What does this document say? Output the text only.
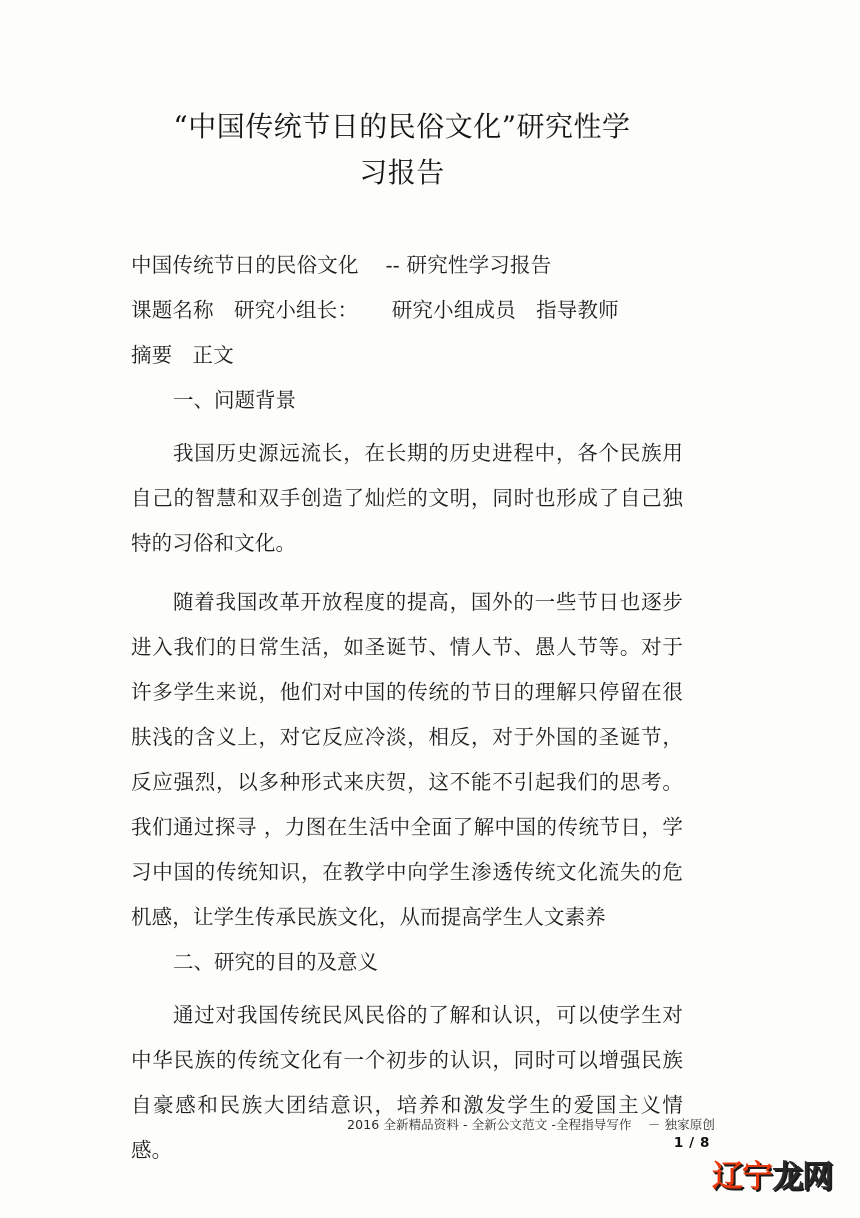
“中国传统节日的民俗文化”研究性学
习报告
中国传统节日的民俗文化    -- 研究性学习报告
课题名称   研究小组长：     研究小组成员   指导教师
摘要   正文
一、问题背景
我国历史源远流长，在长期的历史进程中，各个民族用自己的智慧和双手创造了灿烂的文明，同时也形成了自己独特的习俗和文化。
随着我国改革开放程度的提高，国外的一些节日也逐步进入我们的日常生活，如圣诞节、情人节、愚人节等。对于许多学生来说，他们对中国的传统的节日的理解只停留在很肤浅的含义上，对它反应冷淡，相反，对于外国的圣诞节，反应强烈，以多种形式来庆贺，这不能不引起我们的思考。我们通过探寻 ，力图在生活中全面了解中国的传统节日，学习中国的传统知识，在教学中向学生渗透传统文化流失的危机感，让学生传承民族文化，从而提高学生人文素养
二、研究的目的及意义
通过对我国传统民风民俗的了解和认识，可以使学生对中华民族的传统文化有一个初步的认识，同时可以增强民族自豪感和民族大团结意识，培养和激发学生的爱国主义情感。
2016 全新精品资料 - 全新公文范文 -全程指导写作    － 独家原创
1 / 8
辽宁龙网
